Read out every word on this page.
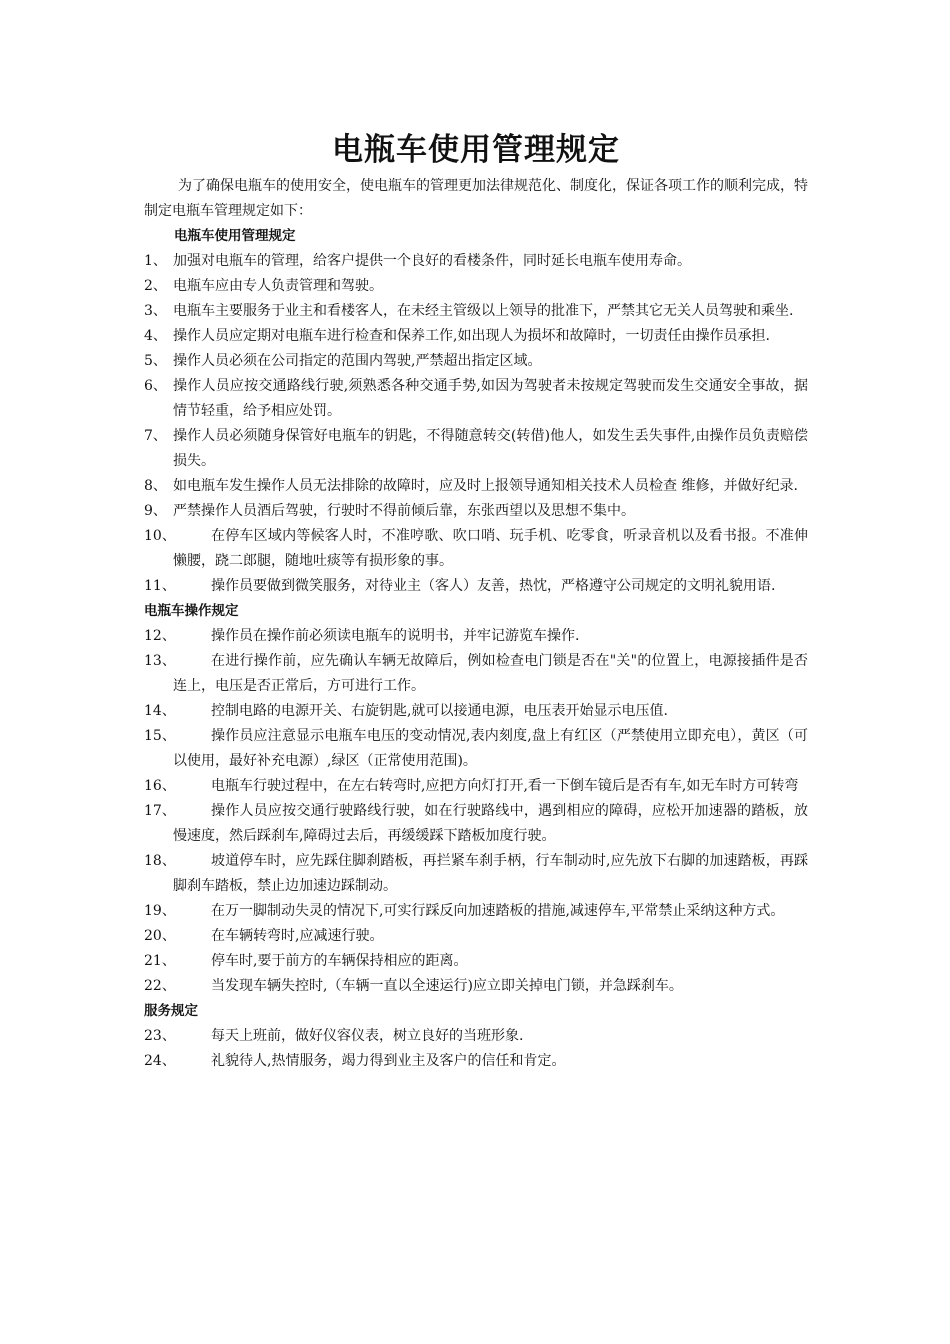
电瓶车使用管理规定

为了确保电瓶车的使用安全，使电瓶车的管理更加法律规范化、制度化，保证各项工作的顺利完成，特制定电瓶车管理规定如下：

电瓶车使用管理规定
1、 加强对电瓶车的管理，给客户提供一个良好的看楼条件，同时延长电瓶车使用寿命。
2、 电瓶车应由专人负责管理和驾驶。
3、 电瓶车主要服务于业主和看楼客人，在未经主管级以上领导的批准下，严禁其它无关人员驾驶和乘坐.
4、 操作人员应定期对电瓶车进行检查和保养工作,如出现人为损坏和故障时，一切责任由操作员承担.
5、 操作人员必须在公司指定的范围内驾驶,严禁超出指定区域。
6、 操作人员应按交通路线行驶,须熟悉各种交通手势,如因为驾驶者未按规定驾驶而发生交通安全事故，据情节轻重，给予相应处罚。
7、 操作人员必须随身保管好电瓶车的钥匙，不得随意转交(转借)他人，如发生丢失事件,由操作员负责赔偿损失。
8、 如电瓶车发生操作人员无法排除的故障时，应及时上报领导通知相关技术人员检查 维修，并做好纪录.
9、 严禁操作人员酒后驾驶，行驶时不得前倾后靠，东张西望以及思想不集中。
10、	在停车区域内等候客人时，不准哼歌、吹口哨、玩手机、吃零食，听录音机以及看书报。不准伸懒腰，跷二郎腿，随地吐痰等有损形象的事。
11、	操作员要做到微笑服务，对待业主（客人）友善，热忱，严格遵守公司规定的文明礼貌用语.
电瓶车操作规定
12、	操作员在操作前必须读电瓶车的说明书，并牢记游览车操作.
13、	在进行操作前，应先确认车辆无故障后，例如检查电门锁是否在"关"的位置上，电源接插件是否连上，电压是否正常后，方可进行工作。
14、	控制电路的电源开关、右旋钥匙,就可以接通电源，电压表开始显示电压值.
15、	操作员应注意显示电瓶车电压的变动情况,表内刻度,盘上有红区（严禁使用立即充电），黄区（可以使用，最好补充电源）,绿区（正常使用范围)。
16、	电瓶车行驶过程中，在左右转弯时,应把方向灯打开,看一下倒车镜后是否有车,如无车时方可转弯
17、	操作人员应按交通行驶路线行驶，如在行驶路线中，遇到相应的障碍，应松开加速器的踏板，放慢速度，然后踩刹车,障碍过去后，再缓缓踩下踏板加度行驶。
18、	坡道停车时，应先踩住脚刹踏板，再拦紧车刹手柄，行车制动时,应先放下右脚的加速踏板，再踩脚刹车踏板，禁止边加速边踩制动。
19、	在万一脚制动失灵的情况下,可实行踩反向加速踏板的措施,减速停车,平常禁止采纳这种方式。
20、	在车辆转弯时,应减速行驶。
21、	停车时,要于前方的车辆保持相应的距离。
22、	当发现车辆失控时,（车辆一直以全速运行)应立即关掉电门锁，并急踩刹车。
服务规定
23、	每天上班前，做好仪容仪表，树立良好的当班形象.
24、	礼貌待人,热情服务，竭力得到业主及客户的信任和肯定。
